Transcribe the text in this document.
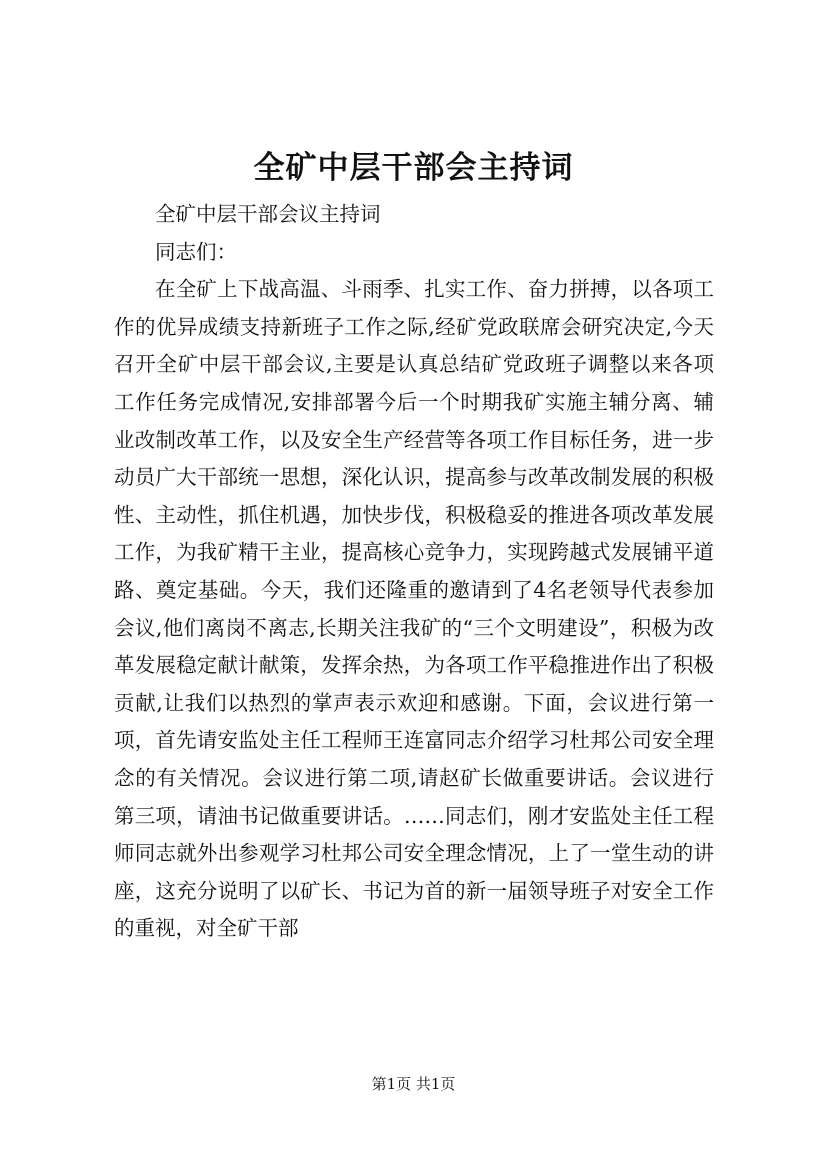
全矿中层干部会主持词

全矿中层干部会议主持词

同志们：

在全矿上下战高温、斗雨季、扎实工作、奋力拼搏，以各项工作的优异成绩支持新班子工作之际,经矿党政联席会研究决定,今天召开全矿中层干部会议,主要是认真总结矿党政班子调整以来各项工作任务完成情况,安排部署今后一个时期我矿实施主辅分离、辅业改制改革工作，以及安全生产经营等各项工作目标任务，进一步动员广大干部统一思想，深化认识，提高参与改革改制发展的积极性、主动性，抓住机遇，加快步伐，积极稳妥的推进各项改革发展工作，为我矿精干主业，提高核心竞争力，实现跨越式发展铺平道路、奠定基础。今天，我们还隆重的邀请到了4名老领导代表参加会议,他们离岗不离志,长期关注我矿的“三个文明建设”，积极为改革发展稳定献计献策，发挥余热，为各项工作平稳推进作出了积极贡献,让我们以热烈的掌声表示欢迎和感谢。下面，会议进行第一项，首先请安监处主任工程师王连富同志介绍学习杜邦公司安全理念的有关情况。会议进行第二项,请赵矿长做重要讲话。会议进行第三项，请油书记做重要讲话。……同志们，刚才安监处主任工程师同志就外出参观学习杜邦公司安全理念情况，上了一堂生动的讲座，这充分说明了以矿长、书记为首的新一届领导班子对安全工作的重视，对全矿干部

第1页 共1页
